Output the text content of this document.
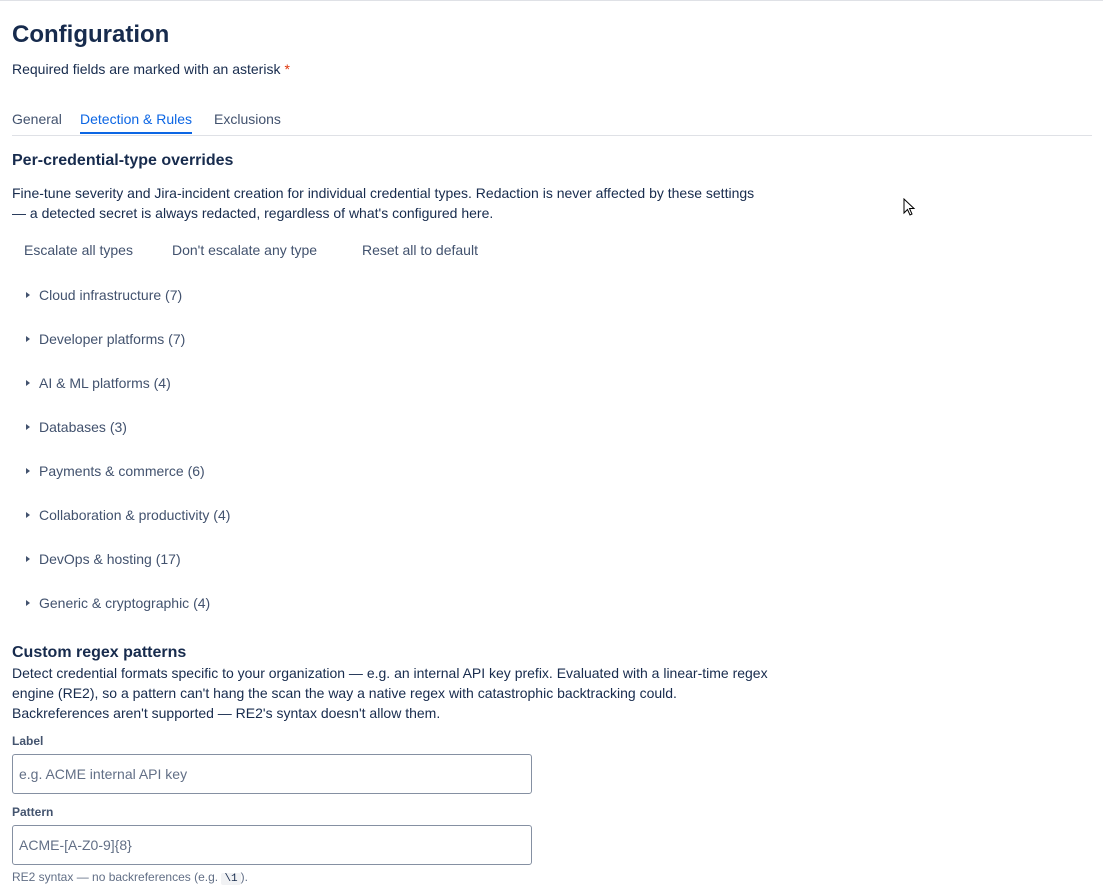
Configuration
Required fields are marked with an asterisk *
General Detection & Rules Exclusions
Per-credential-type overrides
Fine-tune severity and Jira-incident creation for individual credential types. Redaction is never affected by these settings — a detected secret is always redacted, regardless of what's configured here.
Escalate all types	Don't escalate any type	Reset all to default
Cloud infrastructure (7)
Developer platforms (7)
AI & ML platforms (4)
Databases (3)
Payments & commerce (6)
Collaboration & productivity (4)
DevOps & hosting (17)
Generic & cryptographic (4)
Custom regex patterns
Detect credential formats specific to your organization — e.g. an internal API key prefix. Evaluated with a linear-time regex engine (RE2), so a pattern can't hang the scan the way a native regex with catastrophic backtracking could. Backreferences aren't supported — RE2's syntax doesn't allow them.
Label
e.g. ACME internal API key
Pattern
ACME-[A-Z0-9]{8}
RE2 syntax — no backreferences (e.g. \1 ).
